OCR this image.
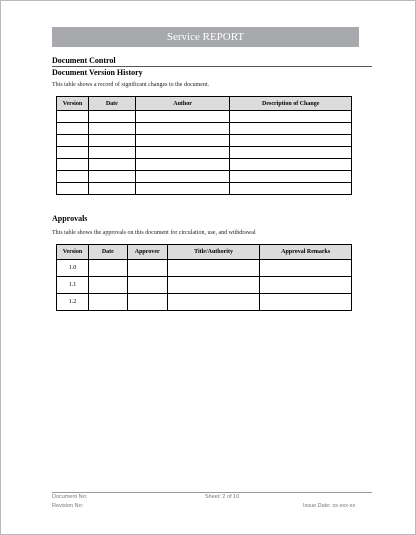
Service REPORT
Document Control
Document Version History
This table shows a record of significant changes to the document.
Version	Date	Author	Description of Change

Approvals
This table shows the approvals on this document for circulation, use, and withdrawal
Version	Date	Approver	Title/Authority	Approval Remarks
1.0				
1.1				
1.2				
Document No:
Revision No:
Sheet: 2 of 10
Issue Date: xx-xxx-xx
